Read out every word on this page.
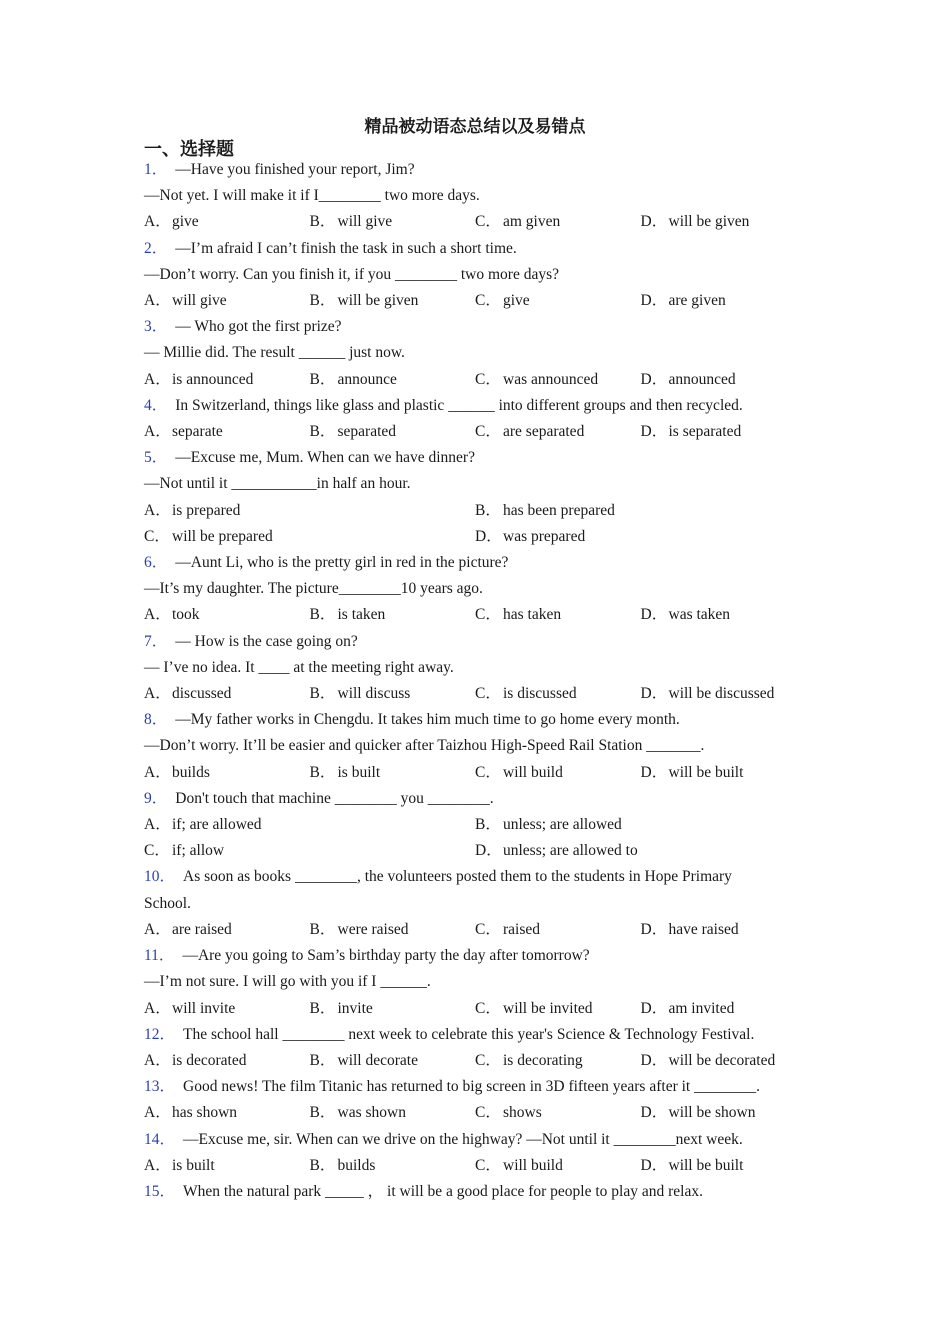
精品被动语态总结以及易错点
一、选择题
1． —Have you finished your report, Jim?
—Not yet. I will make it if I________ two more days.
A．give	B． will give	C． am given	D．will be given
2． —I’m afraid I can’t finish the task in such a short time.
—Don’t worry. Can you finish it, if you ________ two more days?
A．will give	B． will be given	C． give	D．are given
3． — Who got the first prize?
— Millie did. The result ______ just now.
A．is announced	B． announce	C． was announced	D．announced
4． In Switzerland, things like glass and plastic ______ into different groups and then recycled.
A．separate	B． separated	C． are separated	D．is separated
5． —Excuse me, Mum. When can we have dinner?
—Not until it ___________in half an hour.
A．is prepared	B． has been prepared
C． will be prepared	D．was prepared
6． —Aunt Li, who is the pretty girl in red in the picture?
—It’s my daughter. The picture________10 years ago.
A．took	B． is taken	C． has taken	D．was taken
7． — How is the case going on?
— I’ve no idea. It ____ at the meeting right away.
A．discussed	B． will discuss	C． is discussed	D．will be discussed
8． —My father works in Chengdu. It takes him much time to go home every month.
—Don’t worry. It’ll be easier and quicker after Taizhou High-Speed Rail Station _______.
A．builds	B． is built	C． will build	D．will be built
9． Don't touch that machine ________ you ________.
A．if; are allowed	B． unless; are allowed
C． if; allow	D．unless; are allowed to
10． As soon as books ________, the volunteers posted them to the students in Hope Primary School.
A．are raised	B． were raised	C． raised	D．have raised
11． —Are you going to Sam’s birthday party the day after tomorrow?
—I’m not sure. I will go with you if I ______.
A．will invite	B． invite	C． will be invited	D．am invited
12． The school hall ________ next week to celebrate this year's Science & Technology Festival.
A．is decorated	B． will decorate	C． is decorating	D．will be decorated
13． Good news! The film Titanic has returned to big screen in 3D fifteen years after it ________.
A．has shown	B． was shown	C． shows	D．will be shown
14． —Excuse me, sir. When can we drive on the highway? —Not until it ________next week.
A．is built	B． builds	C． will build	D．will be built
15． When the natural park _____ ， it will be a good place for people to play and relax.
